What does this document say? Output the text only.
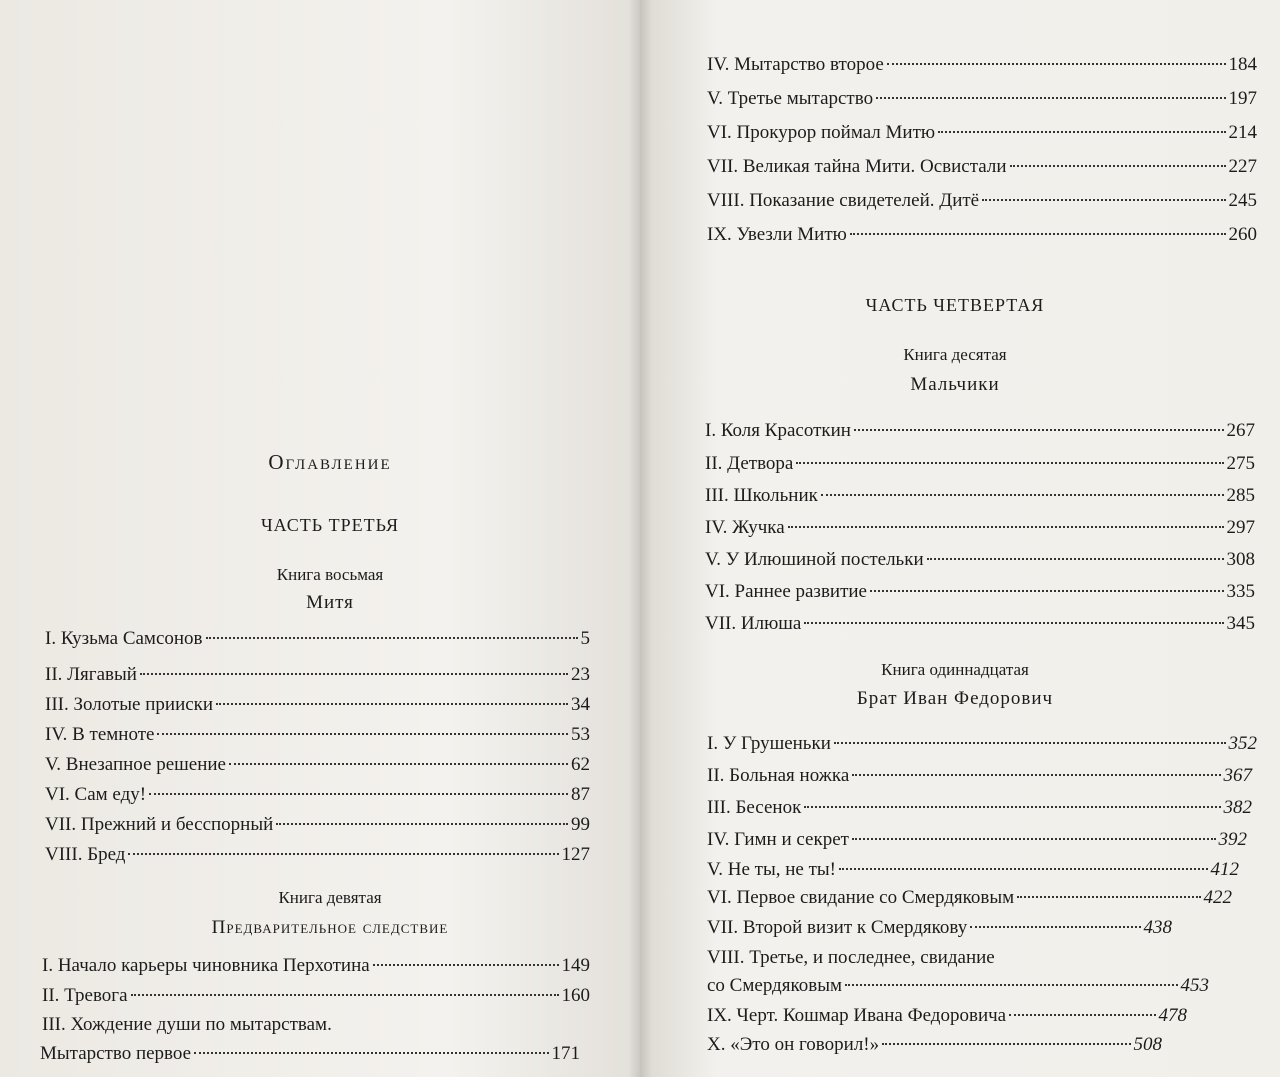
Оглавление
ЧАСТЬ ТРЕТЬЯ
Книга восьмая
Митя
I. Кузьма Самсонов	5
II. Лягавый	23
III. Золотые прииски	34
IV. В темноте	53
V. Внезапное решение	62
VI. Сам еду!	87
VII. Прежний и бесспорный	99
VIII. Бред	127
Книга девятая
Предварительное следствие
I. Начало карьеры чиновника Перхотина	149
II. Тревога	160
III. Хождение души по мытарствам.
Мытарство первое	171
IV. Мытарство второе	184
V. Третье мытарство	197
VI. Прокурор поймал Митю	214
VII. Великая тайна Мити. Освистали	227
VIII. Показание свидетелей. Дитё	245
IX. Увезли Митю	260
ЧАСТЬ ЧЕТВЕРТАЯ
Книга десятая
Мальчики
I. Коля Красоткин	267
II. Детвора	275
III. Школьник	285
IV. Жучка	297
V. У Илюшиной постельки	308
VI. Раннее развитие	335
VII. Илюша	345
Книга одиннадцатая
Брат Иван Федорович
I. У Грушеньки	352
II. Больная ножка	367
III. Бесенок	382
IV. Гимн и секрет	392
V. Не ты, не ты!	412
VI. Первое свидание со Смердяковым	422
VII. Второй визит к Смердякову	438
VIII. Третье, и последнее, свидание
со Смердяковым	453
IX. Черт. Кошмар Ивана Федоровича	478
X. «Это он говорил!»	508
